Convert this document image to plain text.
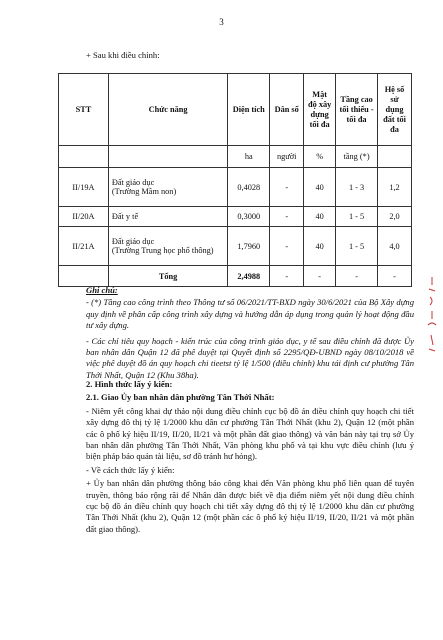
3
+ Sau khi điều chỉnh:
STT	Chức năng	Diện tích	Dân số	Mật độ xây dựng tối đa	Tầng cao tối thiểu - tối đa	Hệ số sử dụng đất tối đa
		ha	người	%	tầng (*)	
II/19A	Đất giáo dục
(Trường Mầm non)	0,4028	-	40	1 - 3	1,2
II/20A	Đất y tế	0,3000	-	40	1 - 5	2,0
II/21A	Đất giáo dục
(Trường Trung học phổ thông)	1,7960	-	40	1 - 5	4,0
	Tổng	2,4988	-	-	-	-

Ghi chú:

- (*) Tầng cao công trình theo Thông tư số 06/2021/TT-BXD ngày 30/6/2021 của Bộ Xây dựng quy định về phân cấp công trình xây dựng và hướng dẫn áp dụng trong quản lý hoạt động đầu tư xây dựng.

- Các chỉ tiêu quy hoạch - kiến trúc của công trình giáo dục, y tế sau điều chỉnh đã được Ủy ban nhân dân Quận 12 đã phê duyệt tại Quyết định số 2295/QĐ-UBND ngày 08/10/2018 về việc phê duyệt đồ án quy hoạch chi tieetst tỷ lệ 1/500 (điều chỉnh) khu tái định cư phường Tân Thới Nhất, Quận 12 (Khu 38ha).

2. Hình thức lấy ý kiến:

2.1. Giao Ủy ban nhân dân phường Tân Thới Nhất:

- Niêm yết công khai dự thảo nội dung điều chỉnh cục bộ đồ án điều chỉnh quy hoạch chi tiết xây dựng đô thị tỷ lệ 1/2000 khu dân cư phường Tân Thới Nhất (khu 2), Quận 12 (một phần các ô phố ký hiệu II/19, II/20, II/21 và một phần đất giao thông) và văn bản này tại trụ sở Ủy ban nhân dân phường Tân Thới Nhất, Văn phòng khu phố và tại khu vực điều chỉnh (lưu ý biện pháp bảo quản tài liệu, sơ đồ tránh hư hỏng).

- Về cách thức lấy ý kiến:

+ Ủy ban nhân dân phường thông báo công khai đến Văn phòng khu phố liên quan để tuyên truyền, thông báo rộng rãi để Nhân dân được biết về địa điểm niêm yết nội dung điều chỉnh cục bộ đồ án điều chỉnh quy hoạch chi tiết xây dựng đô thị tỷ lệ 1/2000 khu dân cư phường Tân Thới Nhất (khu 2), Quận 12 (một phần các ô phố ký hiệu II/19, II/20, II/21 và một phần đất giao thông).
